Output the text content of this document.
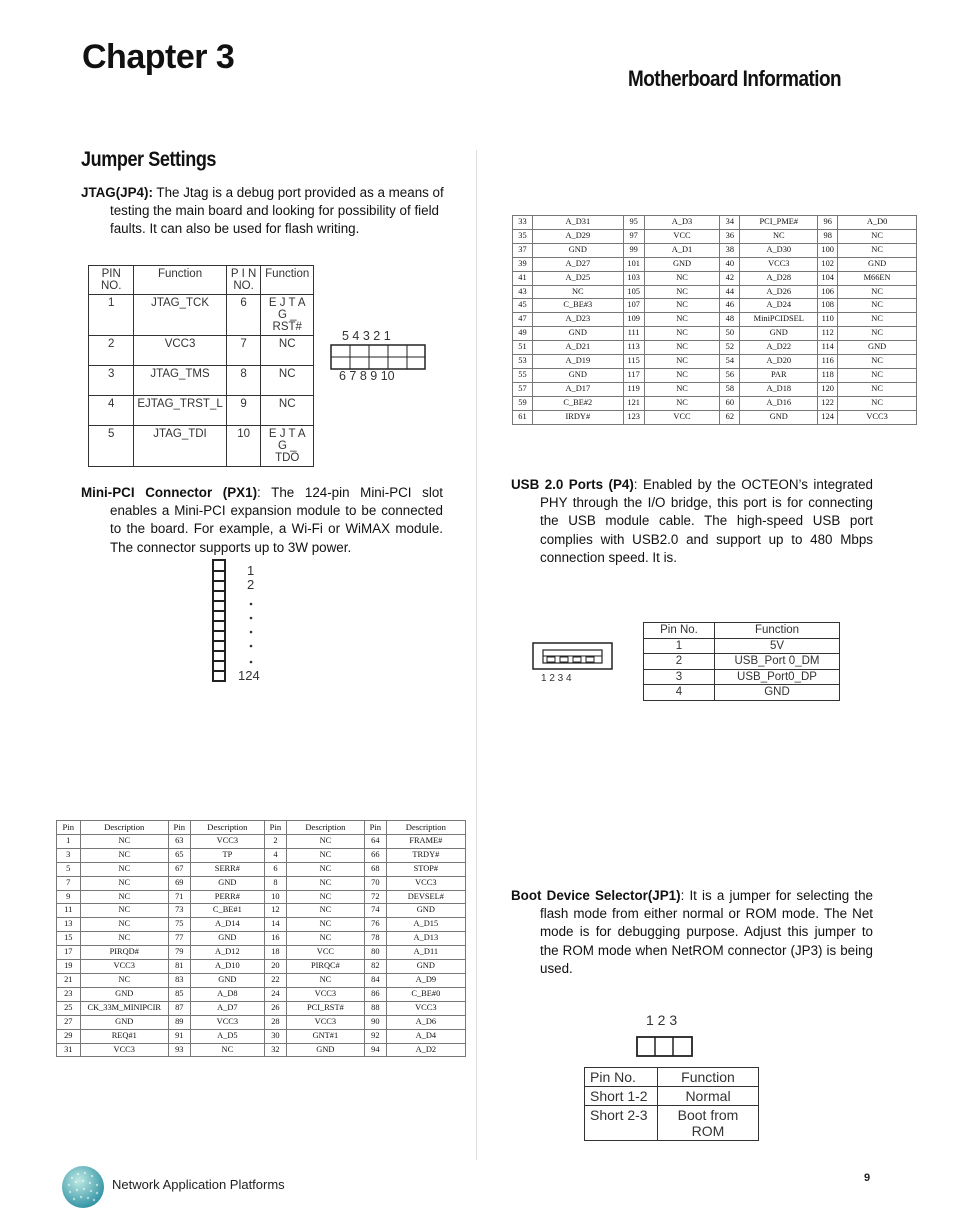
Chapter 3
Motherboard Information
Jumper Settings
JTAG(JP4): The Jtag is a debug port provided as a means of testing the main board and looking for possibility of field faults. It can also be used for flash writing.
PIN NO.	Function	P I N NO.	Function
1	JTAG_TCK	6	E J T A G _ RST#
2	VCC3	7	NC
3	JTAG_TMS	8	NC
4	EJTAG_TRST_L	9	NC
5	JTAG_TDI	10	E J T A G _ TDO
5 4 3 2 1
6 7 8 9 10
Mini-PCI Connector (PX1): The 124-pin Mini-PCI slot enables a Mini-PCI expansion module to be connected to the board. For example, a Wi-Fi or WiMAX module. The connector supports up to 3W power.
1
2
124
Pin	Description	Pin	Description	Pin	Description	Pin	Description
1	NC	63	VCC3	2	NC	64	FRAME#
3	NC	65	TP	4	NC	66	TRDY#
5	NC	67	SERR#	6	NC	68	STOP#
7	NC	69	GND	8	NC	70	VCC3
9	NC	71	PERR#	10	NC	72	DEVSEL#
11	NC	73	C_BE#1	12	NC	74	GND
13	NC	75	A_D14	14	NC	76	A_D15
15	NC	77	GND	16	NC	78	A_D13
17	PIRQD#	79	A_D12	18	VCC	80	A_D11
19	VCC3	81	A_D10	20	PIRQC#	82	GND
21	NC	83	GND	22	NC	84	A_D9
23	GND	85	A_D8	24	VCC3	86	C_BE#0
25	CK_33M_MINIPCIR	87	A_D7	26	PCI_RST#	88	VCC3
27	GND	89	VCC3	28	VCC3	90	A_D6
29	REQ#1	91	A_D5	30	GNT#1	92	A_D4
31	VCC3	93	NC	32	GND	94	A_D2
33	A_D31	95	A_D3	34	PCI_PME#	96	A_D0
35	A_D29	97	VCC	36	NC	98	NC
37	GND	99	A_D1	38	A_D30	100	NC
39	A_D27	101	GND	40	VCC3	102	GND
41	A_D25	103	NC	42	A_D28	104	M66EN
43	NC	105	NC	44	A_D26	106	NC
45	C_BE#3	107	NC	46	A_D24	108	NC
47	A_D23	109	NC	48	MiniPCIDSEL	110	NC
49	GND	111	NC	50	GND	112	NC
51	A_D21	113	NC	52	A_D22	114	GND
53	A_D19	115	NC	54	A_D20	116	NC
55	GND	117	NC	56	PAR	118	NC
57	A_D17	119	NC	58	A_D18	120	NC
59	C_BE#2	121	NC	60	A_D16	122	NC
61	IRDY#	123	VCC	62	GND	124	VCC3
USB 2.0 Ports (P4): Enabled by the OCTEON’s integrated PHY through the I/O bridge, this port is for connecting the USB module cable. The high-speed USB port complies with USB2.0 and support up to 480 Mbps connection speed. It is.
1 2 3 4
Pin No.	Function
1	5V
2	USB_Port 0_DM
3	USB_Port0_DP
4	GND
Boot Device Selector(JP1): It is a jumper for selecting the flash mode from either normal or ROM mode. The Net mode is for debugging purpose. Adjust this jumper to the ROM mode when NetROM connector (JP3) is being used.
1 2 3
Pin No.	Function
Short 1-2	Normal
Short 2-3	Boot from ROM
Network Application Platforms	9
